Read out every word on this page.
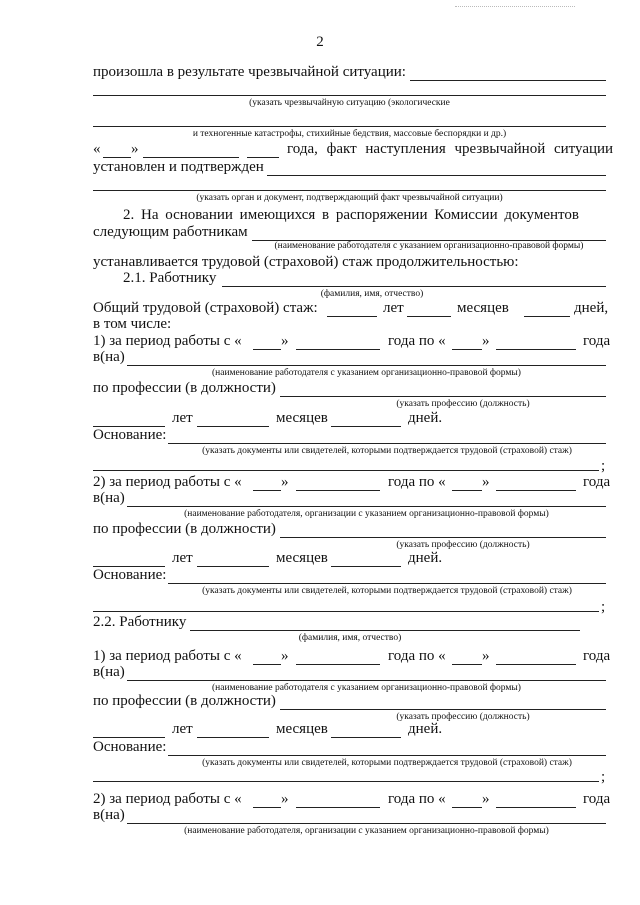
2
произошла в результате чрезвычайной ситуации:
(указать чрезвычайную ситуацию (экологические
и техногенные катастрофы, стихийные бедствия, массовые беспорядки и др.)
« »	года, факт наступления чрезвычайной ситуации
установлен и подтвержден
(указать орган и документ, подтверждающий факт чрезвычайной ситуации)
2. На основании имеющихся в распоряжении Комиссии документов
следующим работникам
(наименование работодателя с указанием организационно-правовой формы)
устанавливается трудовой (страховой) стаж продолжительностью:
2.1. Работнику
(фамилия, имя, отчество)
Общий трудовой (страховой) стаж:	лет	месяцев	дней,
в том числе:
1) за период работы с «	»	года по « »	года
в(на)
(наименование работодателя с указанием организационно-правовой формы)
по профессии (в должности)
(указать профессию (должность)
лет	месяцев	дней.
Основание:
(указать документы или свидетелей, которыми подтверждается трудовой (страховой) стаж)
;
2) за период работы с «	»	года по « »	года
в(на)
(наименование работодателя, организации с указанием организационно-правовой формы)
по профессии (в должности)
(указать профессию (должность)
лет	месяцев	дней.
Основание:
(указать документы или свидетелей, которыми подтверждается трудовой (страховой) стаж)
;
2.2. Работнику
(фамилия, имя, отчество)
1) за период работы с «	»	года по « »	года
в(на)
(наименование работодателя с указанием организационно-правовой формы)
по профессии (в должности)
(указать профессию (должность)
лет	месяцев	дней.
Основание:
(указать документы или свидетелей, которыми подтверждается трудовой (страховой) стаж)
;
2) за период работы с «	»	года по « »	года
в(на)
(наименование работодателя, организации с указанием организационно-правовой формы)
